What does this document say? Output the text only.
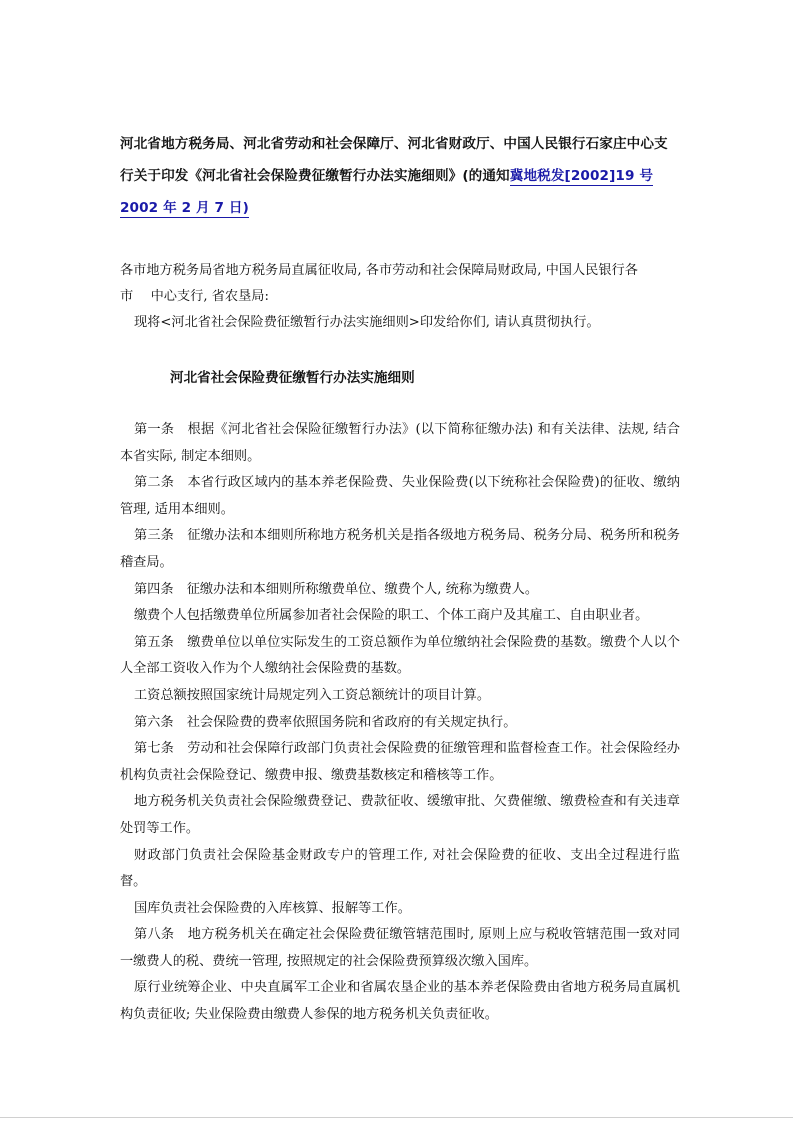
河北省地方税务局、河北省劳动和社会保障厅、河北省财政厅、中国人民银行石家庄中心支行关于印发《河北省社会保险费征缴暂行办法实施细则》(的通知冀地税发[2002]19 号 2002 年 2 月 7 日)
各市地方税务局省地方税务局直属征收局, 各市劳动和社会保障局财政局, 中国人民银行各
市　 中心支行, 省农垦局:
现将<河北省社会保险费征缴暂行办法实施细则>印发给你们, 请认真贯彻执行。
河北省社会保险费征缴暂行办法实施细则

第一条　根据《河北省社会保险征缴暂行办法》(以下简称征缴办法) 和有关法律、法规, 结合本省实际, 制定本细则。

第二条　本省行政区域内的基本养老保险费、失业保险费(以下统称社会保险费)的征收、缴纳管理, 适用本细则。

第三条　征缴办法和本细则所称地方税务机关是指各级地方税务局、税务分局、税务所和税务稽查局。

第四条　征缴办法和本细则所称缴费单位、缴费个人, 统称为缴费人。

缴费个人包括缴费单位所属参加者社会保险的职工、个体工商户及其雇工、自由职业者。

第五条　缴费单位以单位实际发生的工资总额作为单位缴纳社会保险费的基数。缴费个人以个人全部工资收入作为个人缴纳社会保险费的基数。

工资总额按照国家统计局规定列入工资总额统计的项目计算。

第六条　社会保险费的费率依照国务院和省政府的有关规定执行。

第七条　劳动和社会保障行政部门负责社会保险费的征缴管理和监督检查工作。社会保险经办机构负责社会保险登记、缴费申报、缴费基数核定和稽核等工作。

地方税务机关负责社会保险缴费登记、费款征收、缓缴审批、欠费催缴、缴费检查和有关违章处罚等工作。

财政部门负责社会保险基金财政专户的管理工作, 对社会保险费的征收、支出全过程进行监督。

国库负责社会保险费的入库核算、报解等工作。

第八条　地方税务机关在确定社会保险费征缴管辖范围时, 原则上应与税收管辖范围一致对同一缴费人的税、费统一管理, 按照规定的社会保险费预算级次缴入国库。

原行业统筹企业、中央直属军工企业和省属农垦企业的基本养老保险费由省地方税务局直属机构负责征收; 失业保险费由缴费人参保的地方税务机关负责征收。
